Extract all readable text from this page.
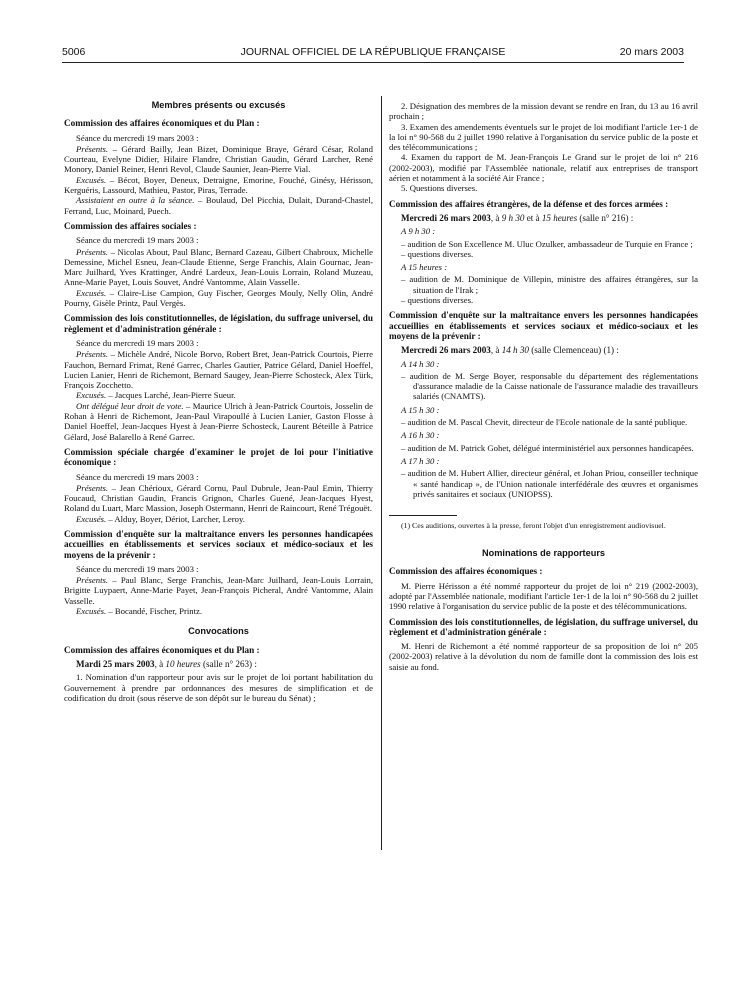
5006	JOURNAL OFFICIEL DE LA RÉPUBLIQUE FRANÇAISE	20 mars 2003
Membres présents ou excusés
Commission des affaires économiques et du Plan :
Séance du mercredi 19 mars 2003 :

Présents. – Gérard Bailly, Jean Bizet, Dominique Braye, Gérard César, Roland Courteau, Evelyne Didier, Hilaire Flandre, Christian Gaudin, Gérard Larcher, René Monory, Daniel Reiner, Henri Revol, Claude Saunier, Jean-Pierre Vial.

Excusés. – Bécot, Boyer, Deneux, Detraigne, Emorine, Fouché, Ginésy, Hérisson, Kerguéris, Lassourd, Mathieu, Pastor, Piras, Terrade.

Assistaient en outre à la séance. – Boulaud, Del Picchia, Dulait, Durand-Chastel, Ferrand, Luc, Moinard, Puech.

Commission des affaires sociales :
Séance du mercredi 19 mars 2003 :

Présents. – Nicolas About, Paul Blanc, Bernard Cazeau, Gilbert Chabroux, Michelle Demessine, Michel Esneu, Jean-Claude Etienne, Serge Franchis, Alain Gournac, Jean-Marc Juilhard, Yves Krattinger, André Lardeux, Jean-Louis Lorrain, Roland Muzeau, Anne-Marie Payet, Louis Souvet, André Vantomme, Alain Vasselle.

Excusés. – Claire-Lise Campion, Guy Fischer, Georges Mouly, Nelly Olin, André Pourny, Gisèle Printz, Paul Vergès.

Commission des lois constitutionnelles, de législation, du suffrage universel, du règlement et d'administration générale :
Séance du mercredi 19 mars 2003 :

Présents. – Michèle André, Nicole Borvo, Robert Bret, Jean-Patrick Courtois, Pierre Fauchon, Bernard Frimat, René Garrec, Charles Gautier, Patrice Gélard, Daniel Hoeffel, Lucien Lanier, Henri de Richemont, Bernard Saugey, Jean-Pierre Schosteck, Alex Türk, François Zocchetto.

Excusés. – Jacques Larché, Jean-Pierre Sueur.

Ont délégué leur droit de vote. – Maurice Ulrich à Jean-Patrick Courtois, Josselin de Rohan à Henri de Richemont, Jean-Paul Virapoullé à Lucien Lanier, Gaston Flosse à Daniel Hoeffel, Jean-Jacques Hyest à Jean-Pierre Schosteck, Laurent Béteille à Patrice Gélard, José Balarello à René Garrec.

Commission spéciale chargée d'examiner le projet de loi pour l'initiative économique :
Séance du mercredi 19 mars 2003 :

Présents. – Jean Chérioux, Gérard Cornu, Paul Dubrule, Jean-Paul Emin, Thierry Foucaud, Christian Gaudin, Francis Grignon, Charles Guené, Jean-Jacques Hyest, Roland du Luart, Marc Massion, Joseph Ostermann, Henri de Raincourt, René Trégouët.

Excusés. – Alduy, Boyer, Dériot, Larcher, Leroy.

Commission d'enquête sur la maltraitance envers les personnes handicapées accueillies en établissements et services sociaux et médico-sociaux et les moyens de la prévenir :
Séance du mercredi 19 mars 2003 :

Présents. – Paul Blanc, Serge Franchis, Jean-Marc Juilhard, Jean-Louis Lorrain, Brigitte Luypaert, Anne-Marie Payet, Jean-François Picheral, André Vantomme, Alain Vasselle.

Excusés. – Bocandé, Fischer, Printz.

Convocations
Commission des affaires économiques et du Plan :
Mardi 25 mars 2003, à 10 heures (salle n° 263) :

1. Nomination d'un rapporteur pour avis sur le projet de loi portant habilitation du Gouvernement à prendre par ordonnances des mesures de simplification et de codification du droit (sous réserve de son dépôt sur le bureau du Sénat) ;

2. Désignation des membres de la mission devant se rendre en Iran, du 13 au 16 avril prochain ;

3. Examen des amendements éventuels sur le projet de loi modifiant l'article 1er-1 de la loi n° 90-568 du 2 juillet 1990 relative à l'organisation du service public de la poste et des télécommunications ;

4. Examen du rapport de M. Jean-François Le Grand sur le projet de loi n° 216 (2002-2003), modifié par l'Assemblée nationale, relatif aux entreprises de transport aérien et notamment à la société Air France ;

5. Questions diverses.

Commission des affaires étrangères, de la défense et des forces armées :
Mercredi 26 mars 2003, à 9 h 30 et à 15 heures (salle n° 216) :
A 9 h 30 :

– audition de Son Excellence M. Uluc Ozulker, ambassadeur de Turquie en France ;

– questions diverses.

A 15 heures :

– audition de M. Dominique de Villepin, ministre des affaires étrangères, sur la situation de l'Irak ;

– questions diverses.

Commission d'enquête sur la maltraitance envers les personnes handicapées accueillies en établissements et services sociaux et médico-sociaux et les moyens de la prévenir :
Mercredi 26 mars 2003, à 14 h 30 (salle Clemenceau) (1) :
A 14 h 30 :

– audition de M. Serge Boyer, responsable du département des réglementations d'assurance maladie de la Caisse nationale de l'assurance maladie des travailleurs salariés (CNAMTS).

A 15 h 30 :

– audition de M. Pascal Chevit, directeur de l'Ecole nationale de la santé publique.

A 16 h 30 :

– audition de M. Patrick Gohet, délégué interministériel aux personnes handicapées.

A 17 h 30 :

– audition de M. Hubert Allier, directeur général, et Johan Priou, conseiller technique « santé handicap », de l'Union nationale interfédérale des œuvres et organismes privés sanitaires et sociaux (UNIOPSS).

(1) Ces auditions, ouvertes à la presse, feront l'objet d'un enregistrement audiovisuel.

Nominations de rapporteurs
Commission des affaires économiques :

M. Pierre Hérisson a été nommé rapporteur du projet de loi n° 219 (2002-2003), adopté par l'Assemblée nationale, modifiant l'article 1er-1 de la loi n° 90-568 du 2 juillet 1990 relative à l'organisation du service public de la poste et des télécommunications.

Commission des lois constitutionnelles, de législation, du suffrage universel, du règlement et d'administration générale :

M. Henri de Richemont a été nommé rapporteur de sa proposition de loi n° 205 (2002-2003) relative à la dévolution du nom de famille dont la commission des lois est saisie au fond.
